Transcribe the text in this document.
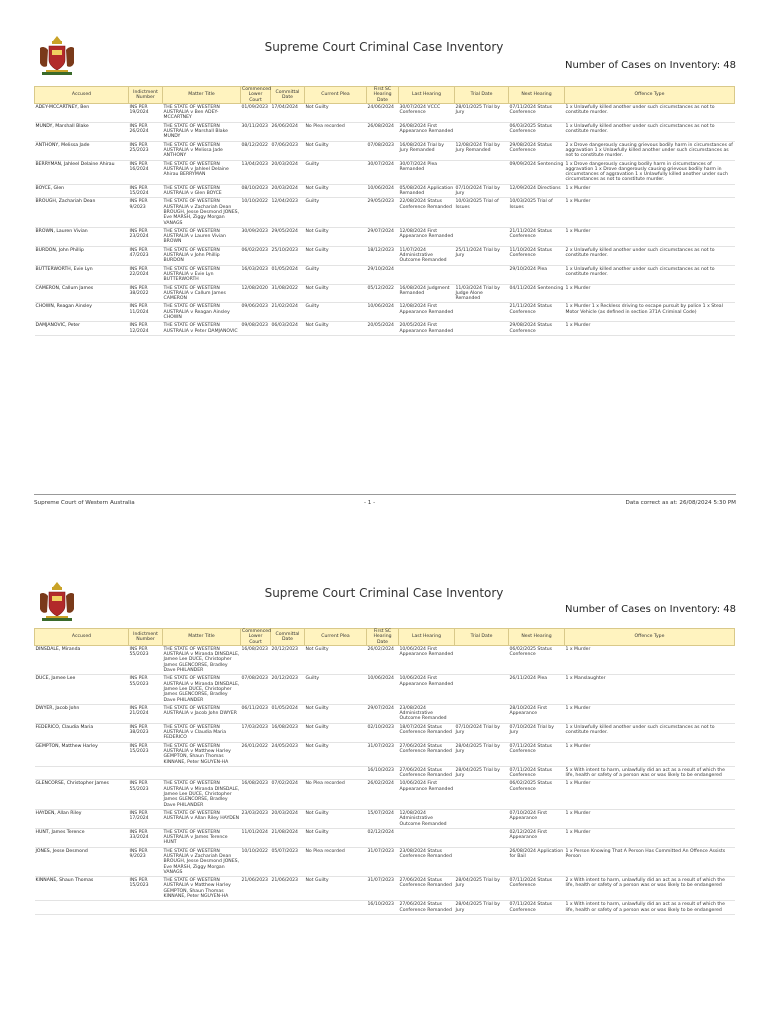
Supreme Court Criminal Case Inventory
Number of Cases on Inventory: 48
Accused	Indictment Number	Matter Title	Commenced Lower Court	Committal Date	Current Plea	First SC Hearing Date	Last Hearing	Trial Date	Next Hearing	Offence Type
ADEY-MCCARTNEY, Ben	INS PER 19/2024	THE STATE OF WESTERN AUSTRALIA v Ben ADEY-MCCARTNEY	01/09/2023	17/04/2024	Not Guilty	24/06/2024	30/07/2024 VCCC Conference	28/01/2025 Trial by Jury	07/11/2024 Status Conference	1 x Unlawfully killed another under such circumstances as not to constitute murder.
MUNDY, Marshall Blake	INS PER 26/2024	THE STATE OF WESTERN AUSTRALIA v Marshall Blake MUNDY	30/11/2023	26/06/2024	No Plea recorded	26/08/2024	26/08/2024 First Appearance Remanded		06/03/2025 Status Conference	1 x Unlawfully killed another under such circumstances as not to constitute murder.
ANTHONY, Melissa Jade	INS PER 25/2023	THE STATE OF WESTERN AUSTRALIA v Melissa Jade ANTHONY	08/12/2022	07/06/2023	Not Guilty	07/08/2023	16/08/2024 Trial by Jury Remanded	12/08/2024 Trial by Jury Remanded	29/08/2024 Status Conference	2 x Drove dangerously causing grievous bodily harm in circumstances of aggravation 1 x Unlawfully killed another under such circumstances as not to constitute murder.
BERRYMAN, Jahleel Delaine Ahirau	INS PER 16/2024	THE STATE OF WESTERN AUSTRALIA v Jahleel Delaine Ahirau BERRYMAN	13/04/2023	20/03/2024	Guilty	30/07/2024	30/07/2024 Plea Remanded		09/09/2024 Sentencing	1 x Drove dangerously causing bodily harm in circumstances of aggravation 1 x Drove dangerously causing grievous bodily harm in circumstances of aggravation 1 x Unlawfully killed another under such circumstances as not to constitute murder.
BOYCE, Glen	INS PER 15/2024	THE STATE OF WESTERN AUSTRALIA v Glen BOYCE	08/10/2023	20/03/2024	Not Guilty	10/06/2024	05/08/2024 Application Remanded	07/10/2024 Trial by Jury	12/09/2024 Directions	1 x Murder
BROUGH, Zachariah Dean	INS PER 9/2023	THE STATE OF WESTERN AUSTRALIA v Zachariah Dean BROUGH, Jesse Desmond JONES, Eve MARSH, Ziggy Morgan VANAGS	10/10/2022	12/04/2023	Guilty	29/05/2023	22/08/2024 Status Conference Remanded	10/03/2025 Trial of Issues	10/03/2025 Trial of Issues	1 x Murder
BROWN, Lauren Vivian	INS PER 23/2024	THE STATE OF WESTERN AUSTRALIA v Lauren Vivian BROWN	30/09/2023	29/05/2024	Not Guilty	29/07/2024	12/08/2024 First Appearance Remanded		21/11/2024 Status Conference	1 x Murder
BURDON, John Phillip	INS PER 47/2023	THE STATE OF WESTERN AUSTRALIA v John Phillip BURDON	06/02/2023	25/10/2023	Not Guilty	18/12/2023	11/07/2024 Administrative Outcome Remanded	25/11/2024 Trial by Jury	11/10/2024 Status Conference	2 x Unlawfully killed another under such circumstances as not to constitute murder.
BUTTERWORTH, Evie Lyn	INS PER 22/2024	THE STATE OF WESTERN AUSTRALIA v Evie Lyn BUTTERWORTH	16/03/2023	01/05/2024	Guilty	29/10/2024			29/10/2024 Plea	1 x Unlawfully killed another under such circumstances as not to constitute murder.
CAMERON, Callum James	INS PER 38/2022	THE STATE OF WESTERN AUSTRALIA v Callum James CAMERON	12/08/2020	31/08/2022	Not Guilty	05/12/2022	16/08/2024 Judgment Remanded	11/03/2024 Trial by Judge Alone Remanded	04/11/2024 Sentencing	1 x Murder
CHOWN, Reagan Ainsley	INS PER 11/2024	THE STATE OF WESTERN AUSTRALIA v Reagan Ainsley CHOWN	09/06/2023	21/02/2024	Guilty	10/06/2024	12/08/2024 First Appearance Remanded		21/11/2024 Status Conference	1 x Murder 1 x Reckless driving to escape pursuit by police 1 x Steal Motor Vehicle (as defined in section 371A Criminal Code)
DAMJANOVIC, Peter	INS PER 12/2024	THE STATE OF WESTERN AUSTRALIA v Peter DAMJANOVIC	09/08/2023	06/03/2024	Not Guilty	20/05/2024	20/05/2024 First Appearance Remanded		29/08/2024 Status Conference	1 x Murder
Supreme Court of Western Australia	- 1 -	Data correct as at: 26/08/2024 5:30 PM
Supreme Court Criminal Case Inventory
Number of Cases on Inventory: 48
Accused	Indictment Number	Matter Title	Commenced Lower Court	Committal Date	Current Plea	First SC Hearing Date	Last Hearing	Trial Date	Next Hearing	Offence Type
DINSDALE, Miranda	INS PER 55/2023	THE STATE OF WESTERN AUSTRALIA v Miranda DINSDALE, Jamee Lee DUCE, Christopher James GLENCORSE, Bradley Dave PHILANDER	16/08/2023	20/12/2023	Not Guilty	26/02/2024	10/06/2024 First Appearance Remanded		06/02/2025 Status Conference	1 x Murder
DUCE, Jamee Lee	INS PER 55/2023	THE STATE OF WESTERN AUSTRALIA v Miranda DINSDALE, Jamee Lee DUCE, Christopher James GLENCORSE, Bradley Dave PHILANDER	07/08/2023	20/12/2023	Guilty	10/06/2024	10/06/2024 First Appearance Remanded		26/11/2024 Plea	1 x Manslaughter
DWYER, Jacob John	INS PER 21/2024	THE STATE OF WESTERN AUSTRALIA v Jacob John DWYER	06/11/2023	01/05/2024	Not Guilty	29/07/2024	23/08/2024 Administrative Outcome Remanded		28/10/2024 First Appearance	1 x Murder
FEDERICO, Claudia Maria	INS PER 38/2023	THE STATE OF WESTERN AUSTRALIA v Claudia Maria FEDERICO	17/03/2023	16/08/2023	Not Guilty	02/10/2023	18/07/2024 Status Conference Remanded	07/10/2024 Trial by Jury	07/10/2024 Trial by Jury	1 x Unlawfully killed another under such circumstances as not to constitute murder.
GEMPTON, Matthew Harley	INS PER 15/2023	THE STATE OF WESTERN AUSTRALIA v Matthew Harley GEMPTON, Shaun Thomas KINNANE, Peter NGUYEN-HA	26/01/2022	24/05/2023	Not Guilty	31/07/2023	27/06/2024 Status Conference Remanded	28/04/2025 Trial by Jury	07/11/2024 Status Conference	1 x Murder
						16/10/2023	27/06/2024 Status Conference Remanded	28/04/2025 Trial by Jury	07/11/2024 Status Conference	5 x With intent to harm, unlawfully did an act as a result of which the life, health or safety of a person was or was likely to be endangered
GLENCORSE, Christopher James	INS PER 55/2023	THE STATE OF WESTERN AUSTRALIA v Miranda DINSDALE, Jamee Lee DUCE, Christopher James GLENCORSE, Bradley Dave PHILANDER	16/08/2023	07/02/2024	No Plea recorded	26/02/2024	10/06/2024 First Appearance Remanded		06/02/2025 Status Conference	1 x Murder
HAYDEN, Allan Riley	INS PER 17/2024	THE STATE OF WESTERN AUSTRALIA v Allan Riley HAYDEN	23/03/2023	20/03/2024	Not Guilty	15/07/2024	12/08/2024 Administrative Outcome Remanded		07/10/2024 First Appearance	1 x Murder
HUNT, James Terence	INS PER 33/2024	THE STATE OF WESTERN AUSTRALIA v James Terence HUNT	11/01/2024	21/08/2024	Not Guilty	02/12/2024			02/12/2024 First Appearance	1 x Murder
JONES, Jesse Desmond	INS PER 9/2023	THE STATE OF WESTERN AUSTRALIA v Zachariah Dean BROUGH, Jesse Desmond JONES, Eve MARSH, Ziggy Morgan VANAGS	10/10/2022	05/07/2023	No Plea recorded	31/07/2023	23/08/2024 Status Conference Remanded		26/08/2024 Application for Bail	1 x Person Knowing That A Person Has Committed An Offence Assists Person
KINNANE, Shaun Thomas	INS PER 15/2023	THE STATE OF WESTERN AUSTRALIA v Matthew Harley GEMPTON, Shaun Thomas KINNANE, Peter NGUYEN-HA	21/06/2023	21/06/2023	Not Guilty	31/07/2023	27/06/2024 Status Conference Remanded	28/04/2025 Trial by Jury	07/11/2024 Status Conference	2 x With intent to harm, unlawfully did an act as a result of which the life, health or safety of a person was or was likely to be endangered
						16/10/2023	27/06/2024 Status Conference Remanded	28/04/2025 Trial by Jury	07/11/2024 Status Conference	1 x With intent to harm, unlawfully did an act as a result of which the life, health or safety of a person was or was likely to be endangered
